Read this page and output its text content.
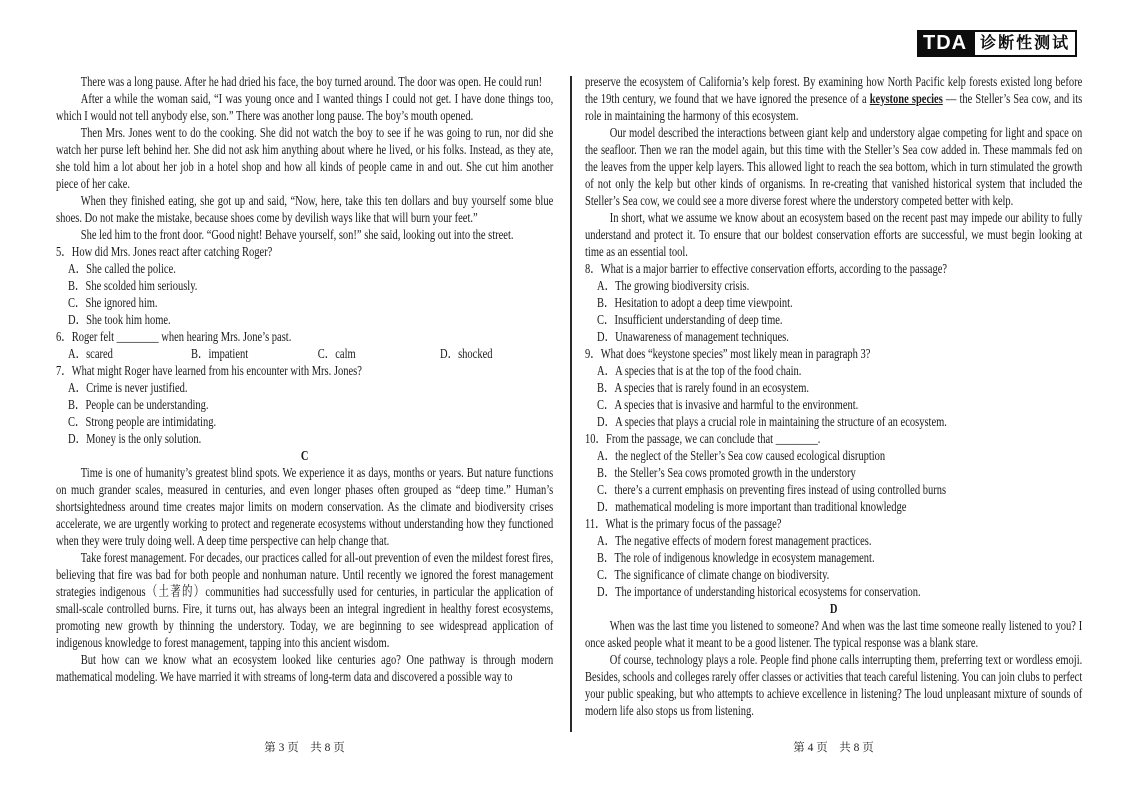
TDA 诊断性测试

There was a long pause. After he had dried his face, the boy turned around. The door was open. He could run!

After a while the woman said, “I was young once and I wanted things I could not get. I have done things too, which I would not tell anybody else, son.” There was another long pause. The boy’s mouth opened.

Then Mrs. Jones went to do the cooking. She did not watch the boy to see if he was going to run, nor did she watch her purse left behind her. She did not ask him anything about where he lived, or his folks. Instead, as they ate, she told him a lot about her job in a hotel shop and how all kinds of people came in and out. She cut him another piece of her cake.

When they finished eating, she got up and said, “Now, here, take this ten dollars and buy yourself some blue shoes. Do not make the mistake, because shoes come by devilish ways like that will burn your feet.”

She led him to the front door. “Good night! Behave yourself, son!” she said, looking out into the street.

5．How did Mrs. Jones react after catching Roger?
A．She called the police.
B．She scolded him seriously.
C．She ignored him.
D．She took him home.
6．Roger felt ________ when hearing Mrs. Jone’s past.
A．scared	B．impatient	C．calm	D．shocked
7．What might Roger have learned from his encounter with Mrs. Jones?
A．Crime is never justified.
B．People can be understanding.
C．Strong people are intimidating.
D．Money is the only solution.

C

Time is one of humanity’s greatest blind spots. We experience it as days, months or years. But nature functions on much grander scales, measured in centuries, and even longer phases often grouped as “deep time.” Human’s shortsightedness around time creates major limits on modern conservation. As the climate and biodiversity crises accelerate, we are urgently working to protect and regenerate ecosystems without understanding how they functioned when they were truly doing well. A deep time perspective can help change that.

Take forest management. For decades, our practices called for all-out prevention of even the mildest forest fires, believing that fire was bad for both people and nonhuman nature. Until recently we ignored the forest management strategies indigenous（土著的）communities had successfully used for centuries, in particular the application of small-scale controlled burns. Fire, it turns out, has always been an integral ingredient in healthy forest ecosystems, promoting new growth by thinning the understory. Today, we are beginning to see widespread application of indigenous knowledge to forest management, tapping into this ancient wisdom.

But how can we know what an ecosystem looked like centuries ago? One pathway is through modern mathematical modeling. We have married it with streams of long-term data and discovered a possible way to

preserve the ecosystem of California’s kelp forest. By examining how North Pacific kelp forests existed long before the 19th century, we found that we have ignored the presence of a keystone species — the Steller’s Sea cow, and its role in maintaining the harmony of this ecosystem.

Our model described the interactions between giant kelp and understory algae competing for light and space on the seafloor. Then we ran the model again, but this time with the Steller’s Sea cow added in. These mammals fed on the leaves from the upper kelp layers. This allowed light to reach the sea bottom, which in turn stimulated the growth of not only the kelp but other kinds of organisms. In re-creating that vanished historical system that included the Steller’s Sea cow, we could see a more diverse forest where the understory competed better with kelp.

In short, what we assume we know about an ecosystem based on the recent past may impede our ability to fully understand and protect it. To ensure that our boldest conservation efforts are successful, we must begin looking at time as an essential tool.

8．What is a major barrier to effective conservation efforts, according to the passage?
A．The growing biodiversity crisis.
B．Hesitation to adopt a deep time viewpoint.
C．Insufficient understanding of deep time.
D．Unawareness of management techniques.
9．What does “keystone species” most likely mean in paragraph 3?
A．A species that is at the top of the food chain.
B．A species that is rarely found in an ecosystem.
C．A species that is invasive and harmful to the environment.
D．A species that plays a crucial role in maintaining the structure of an ecosystem.
10．From the passage, we can conclude that ________.
A．the neglect of the Steller’s Sea cow caused ecological disruption
B．the Steller’s Sea cows promoted growth in the understory
C．there’s a current emphasis on preventing fires instead of using controlled burns
D．mathematical modeling is more important than traditional knowledge
11．What is the primary focus of the passage?
A．The negative effects of modern forest management practices.
B．The role of indigenous knowledge in ecosystem management.
C．The significance of climate change on biodiversity.
D．The importance of understanding historical ecosystems for conservation.

D

When was the last time you listened to someone? And when was the last time someone really listened to you? I once asked people what it meant to be a good listener. The typical response was a blank stare.

Of course, technology plays a role. People find phone calls interrupting them, preferring text or wordless emoji. Besides, schools and colleges rarely offer classes or activities that teach careful listening. You can join clubs to perfect your public speaking, but who attempts to achieve excellence in listening? The loud unpleasant mixture of sounds of modern life also stops us from listening.

第 3 页　共 8 页	第 4 页　共 8 页
